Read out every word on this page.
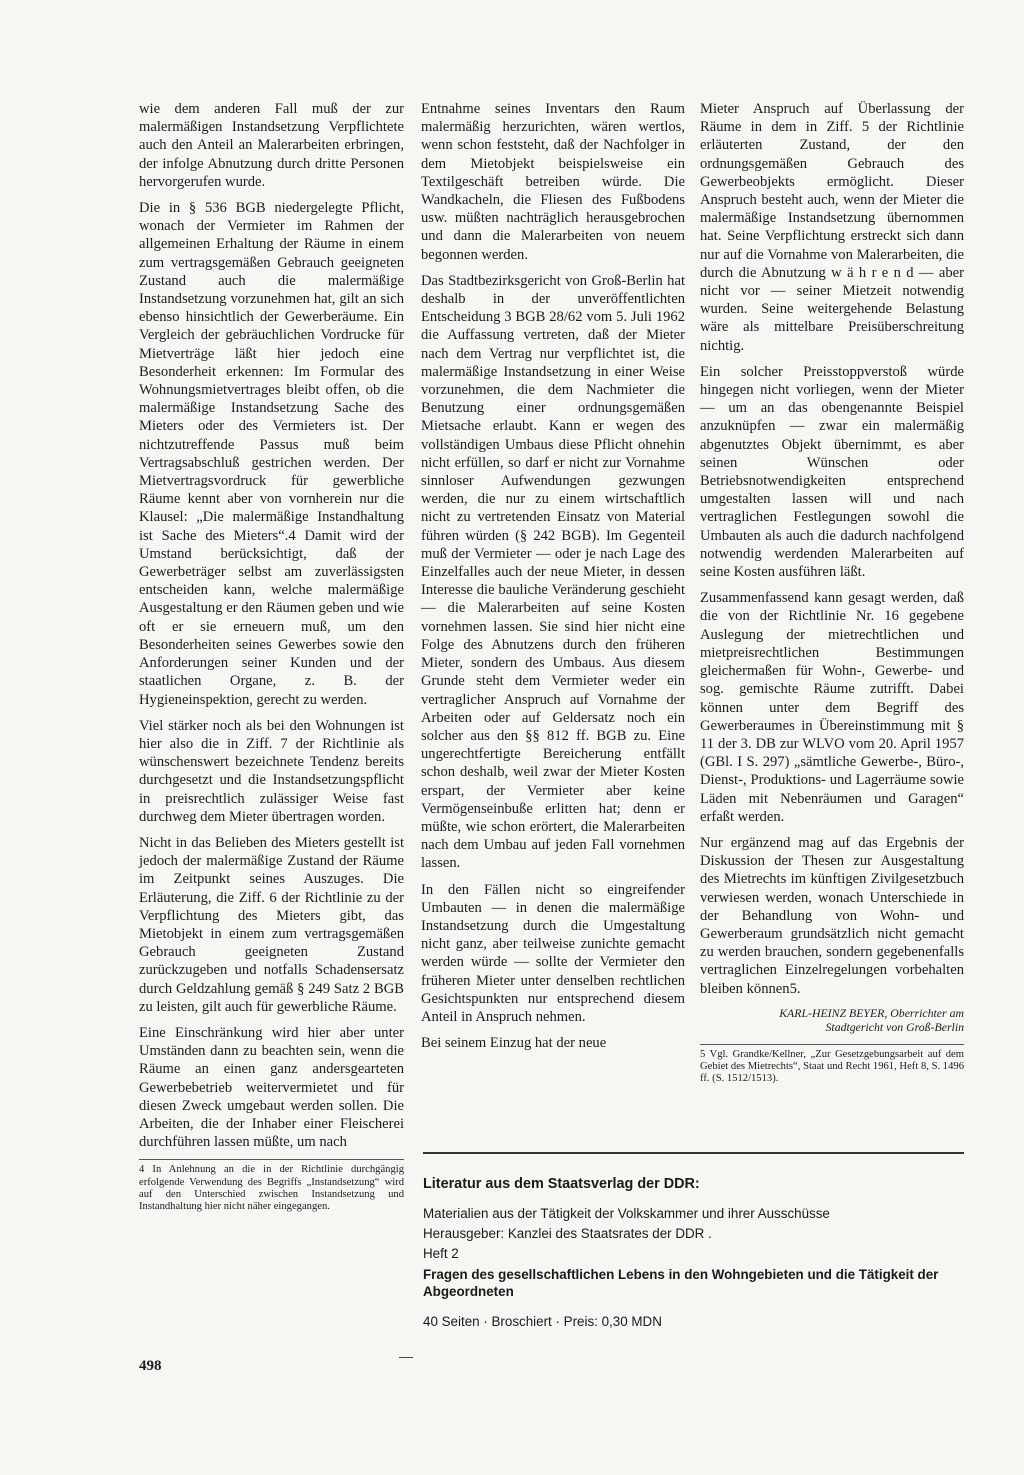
wie dem anderen Fall muß der zur malermäßigen Instandsetzung Verpflichtete auch den Anteil an Malerarbeiten erbringen, der infolge Abnutzung durch dritte Personen hervorgerufen wurde.

Die in § 536 BGB niedergelegte Pflicht, wonach der Vermieter im Rahmen der allgemeinen Erhaltung der Räume in einem zum vertragsgemäßen Gebrauch geeigneten Zustand auch die malermäßige Instandsetzung vorzunehmen hat, gilt an sich ebenso hinsichtlich der Gewerberäume. Ein Vergleich der gebräuchlichen Vordrucke für Mietverträge läßt hier jedoch eine Besonderheit erkennen: Im Formular des Wohnungsmietvertrages bleibt offen, ob die malermäßige Instandsetzung Sache des Mieters oder des Vermieters ist. Der nichtzutreffende Passus muß beim Vertragsabschluß gestrichen werden. Der Mietvertragsvordruck für gewerbliche Räume kennt aber von vornherein nur die Klausel: „Die malermäßige Instandhaltung ist Sache des Mieters“.4 Damit wird der Umstand berücksichtigt, daß der Gewerbeträger selbst am zuverlässigsten entscheiden kann, welche malermäßige Ausgestaltung er den Räumen geben und wie oft er sie erneuern muß, um den Besonderheiten seines Gewerbes sowie den Anforderungen seiner Kunden und der staatlichen Organe, z. B. der Hygieneinspektion, gerecht zu werden.

Viel stärker noch als bei den Wohnungen ist hier also die in Ziff. 7 der Richtlinie als wünschenswert bezeichnete Tendenz bereits durchgesetzt und die Instandsetzungspflicht in preisrechtlich zulässiger Weise fast durchweg dem Mieter übertragen worden.

Nicht in das Belieben des Mieters gestellt ist jedoch der malermäßige Zustand der Räume im Zeitpunkt seines Auszuges. Die Erläuterung, die Ziff. 6 der Richtlinie zu der Verpflichtung des Mieters gibt, das Mietobjekt in einem zum vertragsgemäßen Gebrauch geeigneten Zustand zurückzugeben und notfalls Schadensersatz durch Geldzahlung gemäß § 249 Satz 2 BGB zu leisten, gilt auch für gewerbliche Räume.

Eine Einschränkung wird hier aber unter Umständen dann zu beachten sein, wenn die Räume an einen ganz andersgearteten Gewerbebetrieb weitervermietet und für diesen Zweck umgebaut werden sollen. Die Arbeiten, die der Inhaber einer Fleischerei durchführen lassen müßte, um nach

4 In Anlehnung an die in der Richtlinie durchgängig erfolgende Verwendung des Begriffs „Instandsetzung“ wird auf den Unterschied zwischen Instandsetzung und Instandhaltung hier nicht näher eingegangen.

Entnahme seines Inventars den Raum malermäßig herzurichten, wären wertlos, wenn schon feststeht, daß der Nachfolger in dem Mietobjekt beispielsweise ein Textilgeschäft betreiben würde. Die Wandkacheln, die Fliesen des Fußbodens usw. müßten nachträglich herausgebrochen und dann die Malerarbeiten von neuem begonnen werden.

Das Stadtbezirksgericht von Groß-Berlin hat deshalb in der unveröffentlichten Entscheidung 3 BGB 28/62 vom 5. Juli 1962 die Auffassung vertreten, daß der Mieter nach dem Vertrag nur verpflichtet ist, die malermäßige Instandsetzung in einer Weise vorzunehmen, die dem Nachmieter die Benutzung einer ordnungsgemäßen Mietsache erlaubt. Kann er wegen des vollständigen Umbaus diese Pflicht ohnehin nicht erfüllen, so darf er nicht zur Vornahme sinnloser Aufwendungen gezwungen werden, die nur zu einem wirtschaftlich nicht zu vertretenden Einsatz von Material führen würden (§ 242 BGB). Im Gegenteil muß der Vermieter — oder je nach Lage des Einzelfalles auch der neue Mieter, in dessen Interesse die bauliche Veränderung geschieht — die Malerarbeiten auf seine Kosten vornehmen lassen. Sie sind hier nicht eine Folge des Abnutzens durch den früheren Mieter, sondern des Umbaus. Aus diesem Grunde steht dem Vermieter weder ein vertraglicher Anspruch auf Vornahme der Arbeiten oder auf Geldersatz noch ein solcher aus den §§ 812 ff. BGB zu. Eine ungerechtfertigte Bereicherung entfällt schon deshalb, weil zwar der Mieter Kosten erspart, der Vermieter aber keine Vermögenseinbuße erlitten hat; denn er müßte, wie schon erörtert, die Malerarbeiten nach dem Umbau auf jeden Fall vornehmen lassen.

In den Fällen nicht so eingreifender Umbauten — in denen die malermäßige Instandsetzung durch die Umgestaltung nicht ganz, aber teilweise zunichte gemacht werden würde — sollte der Vermieter den früheren Mieter unter denselben rechtlichen Gesichtspunkten nur entsprechend diesem Anteil in Anspruch nehmen.

Bei seinem Einzug hat der neue

Mieter Anspruch auf Überlassung der Räume in dem in Ziff. 5 der Richtlinie erläuterten Zustand, der den ordnungsgemäßen Gebrauch des Gewerbeobjekts ermöglicht. Dieser Anspruch besteht auch, wenn der Mieter die malermäßige Instandsetzung übernommen hat. Seine Verpflichtung erstreckt sich dann nur auf die Vornahme von Malerarbeiten, die durch die Abnutzung w ä h r e n d — aber nicht vor — seiner Mietzeit notwendig wurden. Seine weitergehende Belastung wäre als mittelbare Preisüberschreitung nichtig.

Ein solcher Preisstoppverstoß würde hingegen nicht vorliegen, wenn der Mieter — um an das obengenannte Beispiel anzuknüpfen — zwar ein malermäßig abgenutztes Objekt übernimmt, es aber seinen Wünschen oder Betriebsnotwendigkeiten entsprechend umgestalten lassen will und nach vertraglichen Festlegungen sowohl die Umbauten als auch die dadurch nachfolgend notwendig werdenden Malerarbeiten auf seine Kosten ausführen läßt.

Zusammenfassend kann gesagt werden, daß die von der Richtlinie Nr. 16 gegebene Auslegung der mietrechtlichen und mietpreisrechtlichen Bestimmungen gleichermaßen für Wohn-, Gewerbe- und sog. gemischte Räume zutrifft. Dabei können unter dem Begriff des Gewerberaumes in Übereinstimmung mit § 11 der 3. DB zur WLVO vom 20. April 1957 (GBl. I S. 297) „sämtliche Gewerbe-, Büro-, Dienst-, Produktions- und Lagerräume sowie Läden mit Nebenräumen und Garagen“ erfaßt werden.

Nur ergänzend mag auf das Ergebnis der Diskussion der Thesen zur Ausgestaltung des Mietrechts im künftigen Zivilgesetzbuch verwiesen werden, wonach Unterschiede in der Behandlung von Wohn- und Gewerberaum grundsätzlich nicht gemacht zu werden brauchen, sondern gegebenenfalls vertraglichen Einzelregelungen vorbehalten bleiben können5.

KARL-HEINZ BEYER, Oberrichter am Stadtgericht von Groß-Berlin

5 Vgl. Grandke/Kellner, „Zur Gesetzgebungsarbeit auf dem Gebiet des Mietrechts“, Staat und Recht 1961, Heft 8, S. 1496 ff. (S. 1512/1513).

Literatur aus dem Staatsverlag der DDR:

Materialien aus der Tätigkeit der Volkskammer und ihrer Ausschüsse

Herausgeber: Kanzlei des Staatsrates der DDR .

Heft 2

Fragen des gesellschaftlichen Lebens in den Wohngebieten und die Tätigkeit der Abgeordneten

40 Seiten · Broschiert · Preis: 0,30 MDN

498
